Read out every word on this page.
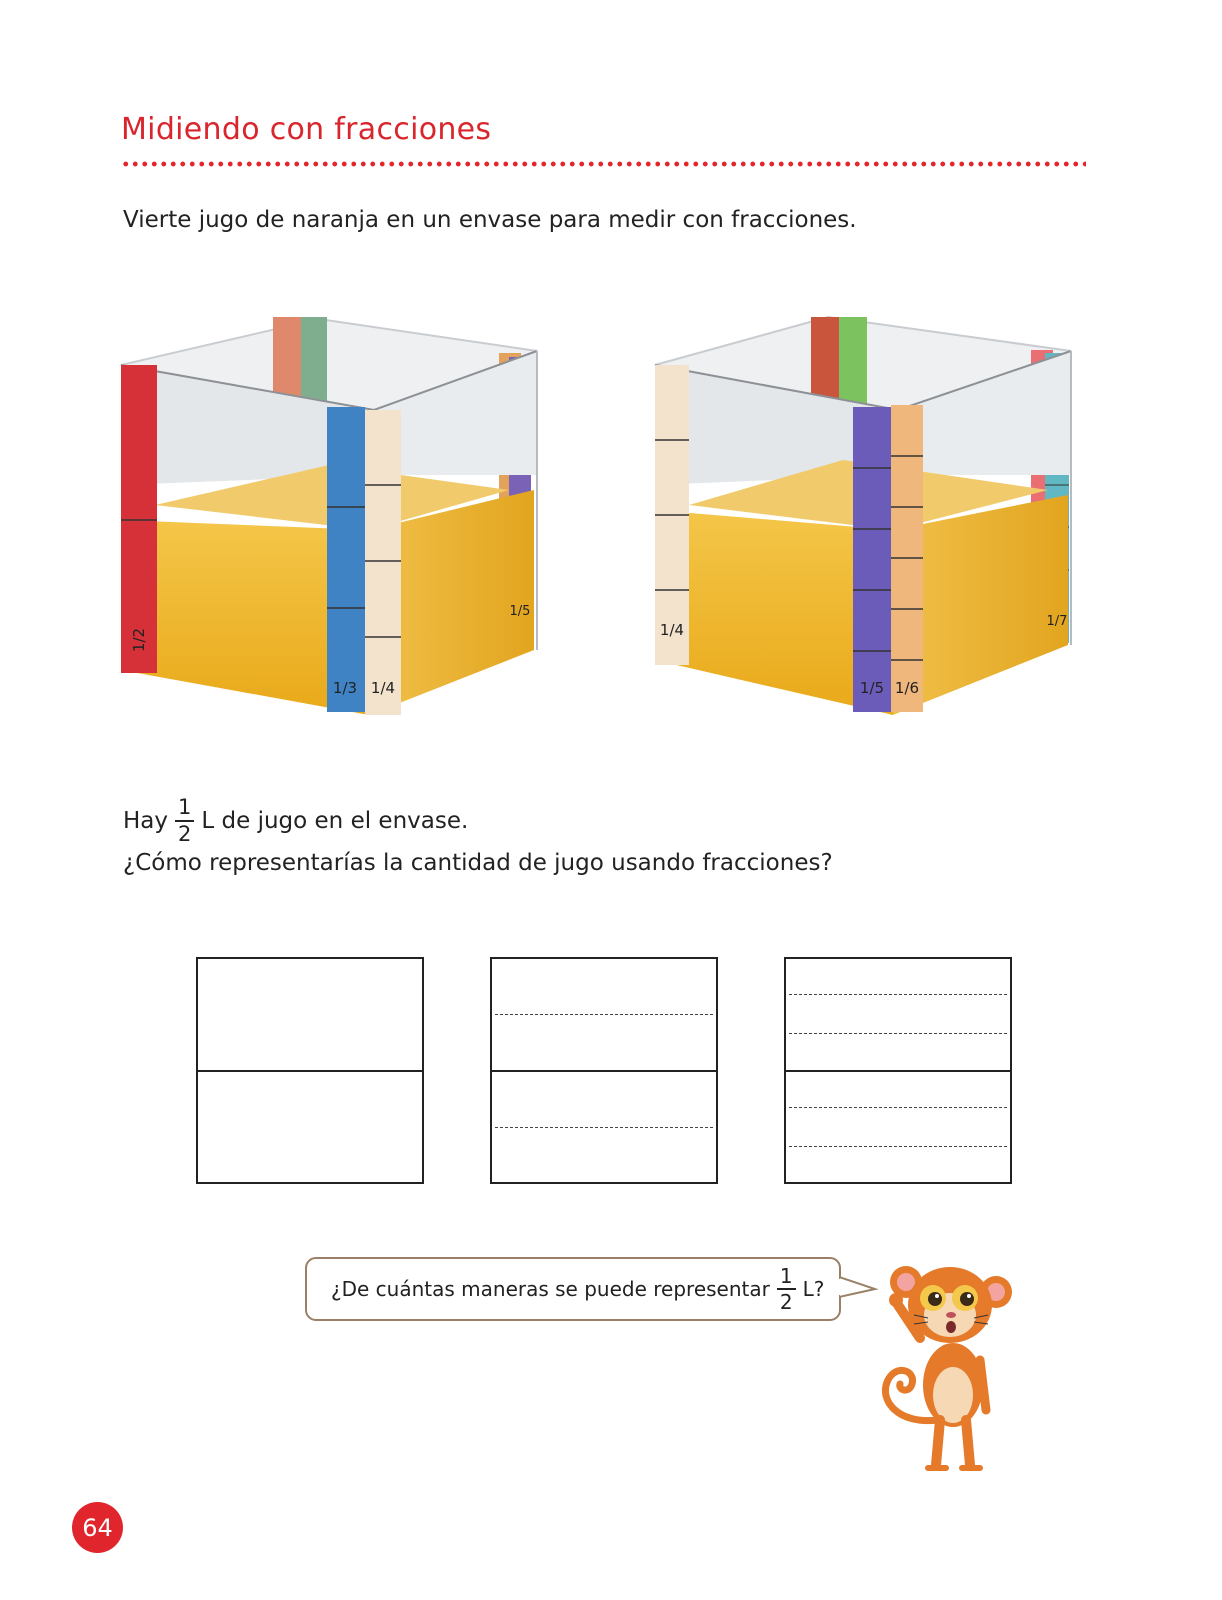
Midiendo con fracciones
Vierte jugo de naranja en un envase para medir con fracciones.
1/2
1/3 1/4
1/5
1/4
1/5 1/6
1/7
Hay $\frac{1}{2}$ L de jugo en el envase.
¿Cómo representarías la cantidad de jugo usando fracciones?
¿De cuántas maneras se puede representar $\frac{1}{2} L$?
64
